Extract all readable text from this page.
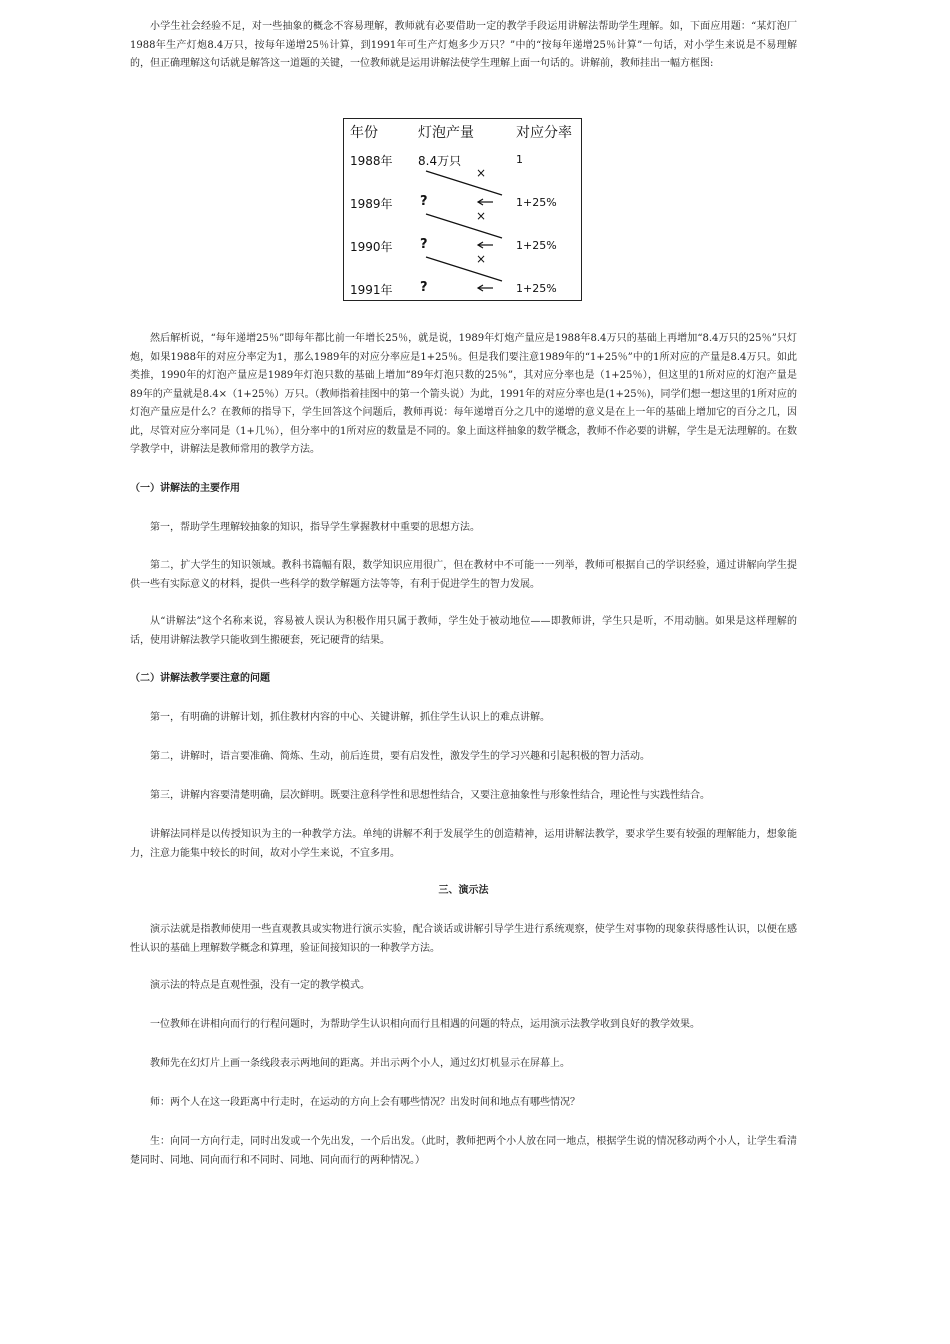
小学生社会经验不足，对一些抽象的概念不容易理解，教师就有必要借助一定的教学手段运用讲解法帮助学生理解。如，下面应用题：“某灯泡厂1988年生产灯炮8.4万只，按每年递增25％计算，到1991年可生产灯炮多少万只？”中的“按每年递增25％计算”一句话，对小学生来说是不易理解的，但正确理解这句话就是解答这一道题的关键，一位教师就是运用讲解法使学生理解上面一句话的。讲解前，教师挂出一幅方框图:

年份	灯泡产量	对应分率
1988年 8.4万只	1
×
1989年 ?	1+25%
×
1990年 ?	1+25%
×
1991年 ?	1+25%

然后解析说，“每年递增25％”即每年都比前一年增长25％，就是说，1989年灯炮产量应是1988年8.4万只的基础上再增加“8.4万只的25％”只灯炮，如果1988年的对应分率定为1，那么1989年的对应分率应是1+25％。但是我们要注意1989年的“1+25％”中的1所对应的产量是8.4万只。如此类推，1990年的灯泡产量应是1989年灯泡只数的基础上增加“89年灯泡只数的25％”，其对应分率也是（1+25％），但这里的1所对应的灯泡产量是89年的产量就是8.4×（1+25％）万只。（教师指着挂图中的第一个箭头说）为此，1991年的对应分率也是(1+25％)，同学们想一想这里的1所对应的灯泡产量应是什么？在教师的指导下，学生回答这个问题后，教师再说：每年递增百分之几中的递增的意义是在上一年的基础上增加它的百分之几，因此，尽管对应分率同是（1+几％），但分率中的1所对应的数量是不同的。象上面这样抽象的数学概念，教师不作必要的讲解，学生是无法理解的。在数学教学中，讲解法是教师常用的教学方法。

（一）讲解法的主要作用

第一，帮助学生理解较抽象的知识，指导学生掌握教材中重要的思想方法。

第二，扩大学生的知识领域。教科书篇幅有限，数学知识应用很广，但在教材中不可能一一列举，教师可根据自己的学识经验，通过讲解向学生提供一些有实际意义的材料，提供一些科学的数学解题方法等等，有利于促进学生的智力发展。

从“讲解法”这个名称来说，容易被人误认为积极作用只属于教师，学生处于被动地位——即教师讲，学生只是听，不用动脑。如果是这样理解的话，使用讲解法教学只能收到生搬硬套，死记硬背的结果。

（二）讲解法教学要注意的问题

第一，有明确的讲解计划，抓住教材内容的中心、关键讲解，抓住学生认识上的难点讲解。

第二，讲解时，语言要准确、简炼、生动，前后连贯，要有启发性，激发学生的学习兴趣和引起积极的智力活动。

第三，讲解内容要清楚明确，层次鲜明。既要注意科学性和思想性结合，又要注意抽象性与形象性结合，理论性与实践性结合。

讲解法同样是以传授知识为主的一种教学方法。单纯的讲解不利于发展学生的创造精神，运用讲解法教学，要求学生要有较强的理解能力，想象能力，注意力能集中较长的时间，故对小学生来说，不宜多用。

三、演示法

演示法就是指教师使用一些直观教具或实物进行演示实验，配合谈话或讲解引导学生进行系统观察，使学生对事物的现象获得感性认识，以便在感性认识的基础上理解数学概念和算理，验证间接知识的一种教学方法。

演示法的特点是直观性强，没有一定的教学模式。

一位教师在讲相向而行的行程问题时，为帮助学生认识相向而行且相遇的问题的特点，运用演示法教学收到良好的教学效果。

教师先在幻灯片上画一条线段表示两地间的距离。并出示两个小人，通过幻灯机显示在屏幕上。

师：两个人在这一段距离中行走时，在运动的方向上会有哪些情况？出发时间和地点有哪些情况？

生：向同一方向行走，同时出发或一个先出发，一个后出发。（此时，教师把两个小人放在同一地点，根据学生说的情况移动两个小人，让学生看清楚同时、同地、同向而行和不同时、同地、同向而行的两种情况。）
